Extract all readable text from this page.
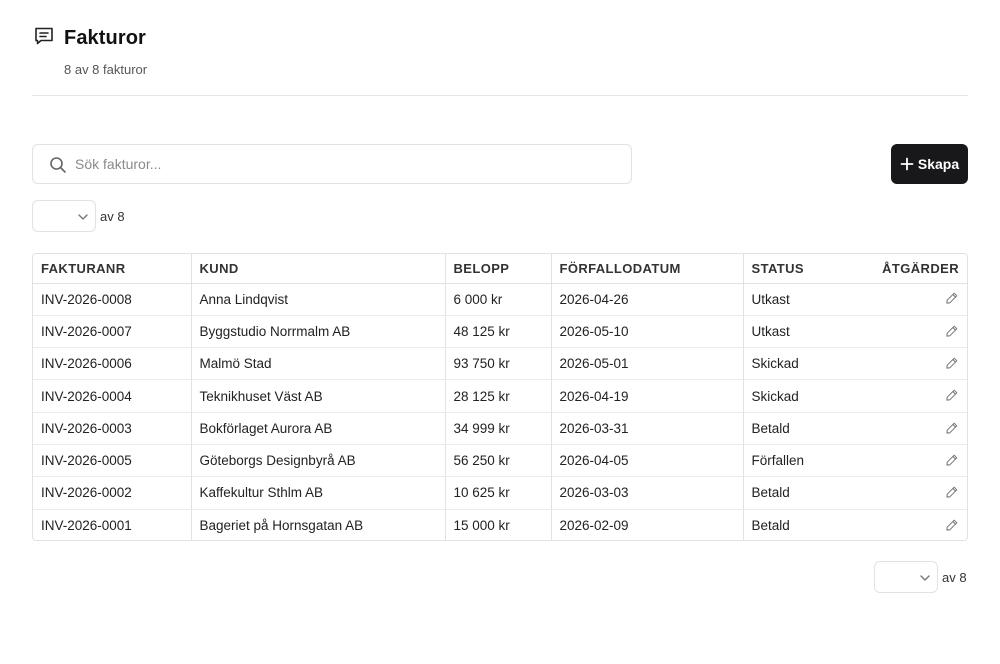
Fakturor
8 av 8 fakturor
Sök fakturor...
Skapa
av 8
FAKTURANR	KUND	BELOPP	FÖRFALLODATUM	STATUS	ÅTGÄRDER
INV-2026-0008	Anna Lindqvist	6 000 kr	2026-04-26	Utkast	
INV-2026-0007	Byggstudio Norrmalm AB	48 125 kr	2026-05-10	Utkast	
INV-2026-0006	Malmö Stad	93 750 kr	2026-05-01	Skickad	
INV-2026-0004	Teknikhuset Väst AB	28 125 kr	2026-04-19	Skickad	
INV-2026-0003	Bokförlaget Aurora AB	34 999 kr	2026-03-31	Betald	
INV-2026-0005	Göteborgs Designbyrå AB	56 250 kr	2026-04-05	Förfallen	
INV-2026-0002	Kaffekultur Sthlm AB	10 625 kr	2026-03-03	Betald	
INV-2026-0001	Bageriet på Hornsgatan AB	15 000 kr	2026-02-09	Betald	
av 8
